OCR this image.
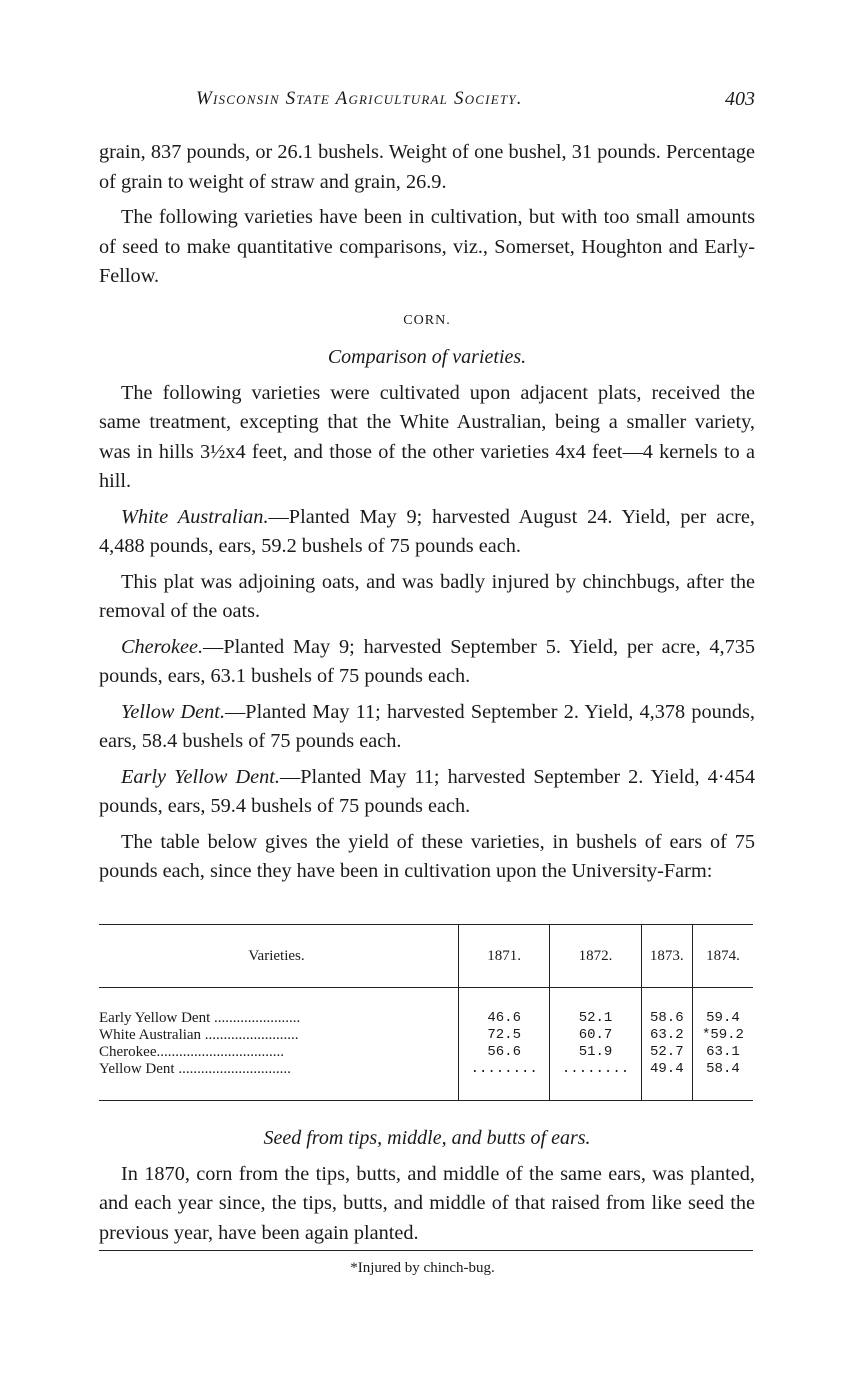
Wisconsin State Agricultural Society.	403

grain, 837 pounds, or 26.1 bushels. Weight of one bushel, 31 pounds. Percentage of grain to weight of straw and grain, 26.9.

The following varieties have been in cultivation, but with too small amounts of seed to make quantitative comparisons, viz., Somerset, Houghton and Early-Fellow.

CORN.
Comparison of varieties.

The following varieties were cultivated upon adjacent plats, received the same treatment, excepting that the White Australian, being a smaller variety, was in hills 3½x4 feet, and those of the other varieties 4x4 feet—4 kernels to a hill.

White Australian.—Planted May 9; harvested August 24. Yield, per acre, 4,488 pounds, ears, 59.2 bushels of 75 pounds each.

This plat was adjoining oats, and was badly injured by chinchbugs, after the removal of the oats.

Cherokee.—Planted May 9; harvested September 5. Yield, per acre, 4,735 pounds, ears, 63.1 bushels of 75 pounds each.

Yellow Dent.—Planted May 11; harvested September 2. Yield, 4,378 pounds, ears, 58.4 bushels of 75 pounds each.

Early Yellow Dent.—Planted May 11; harvested September 2. Yield, 4·454 pounds, ears, 59.4 bushels of 75 pounds each.

The table below gives the yield of these varieties, in bushels of ears of 75 pounds each, since they have been in cultivation upon the University-Farm:

Varieties.	1871.	1872.	1873.	1874.
Early Yellow Dent .......................	46.6	52.1	58.6	59.4
White Australian .........................	72.5	60.7	63.2	*59.2
Cherokee..................................	56.6	51.9	52.7	63.1
Yellow Dent ..............................	........	........	49.4	58.4
Seed from tips, middle, and butts of ears.

In 1870, corn from the tips, butts, and middle of the same ears, was planted, and each year since, the tips, butts, and middle of that raised from like seed the previous year, have been again planted.

*Injured by chinch-bug.
